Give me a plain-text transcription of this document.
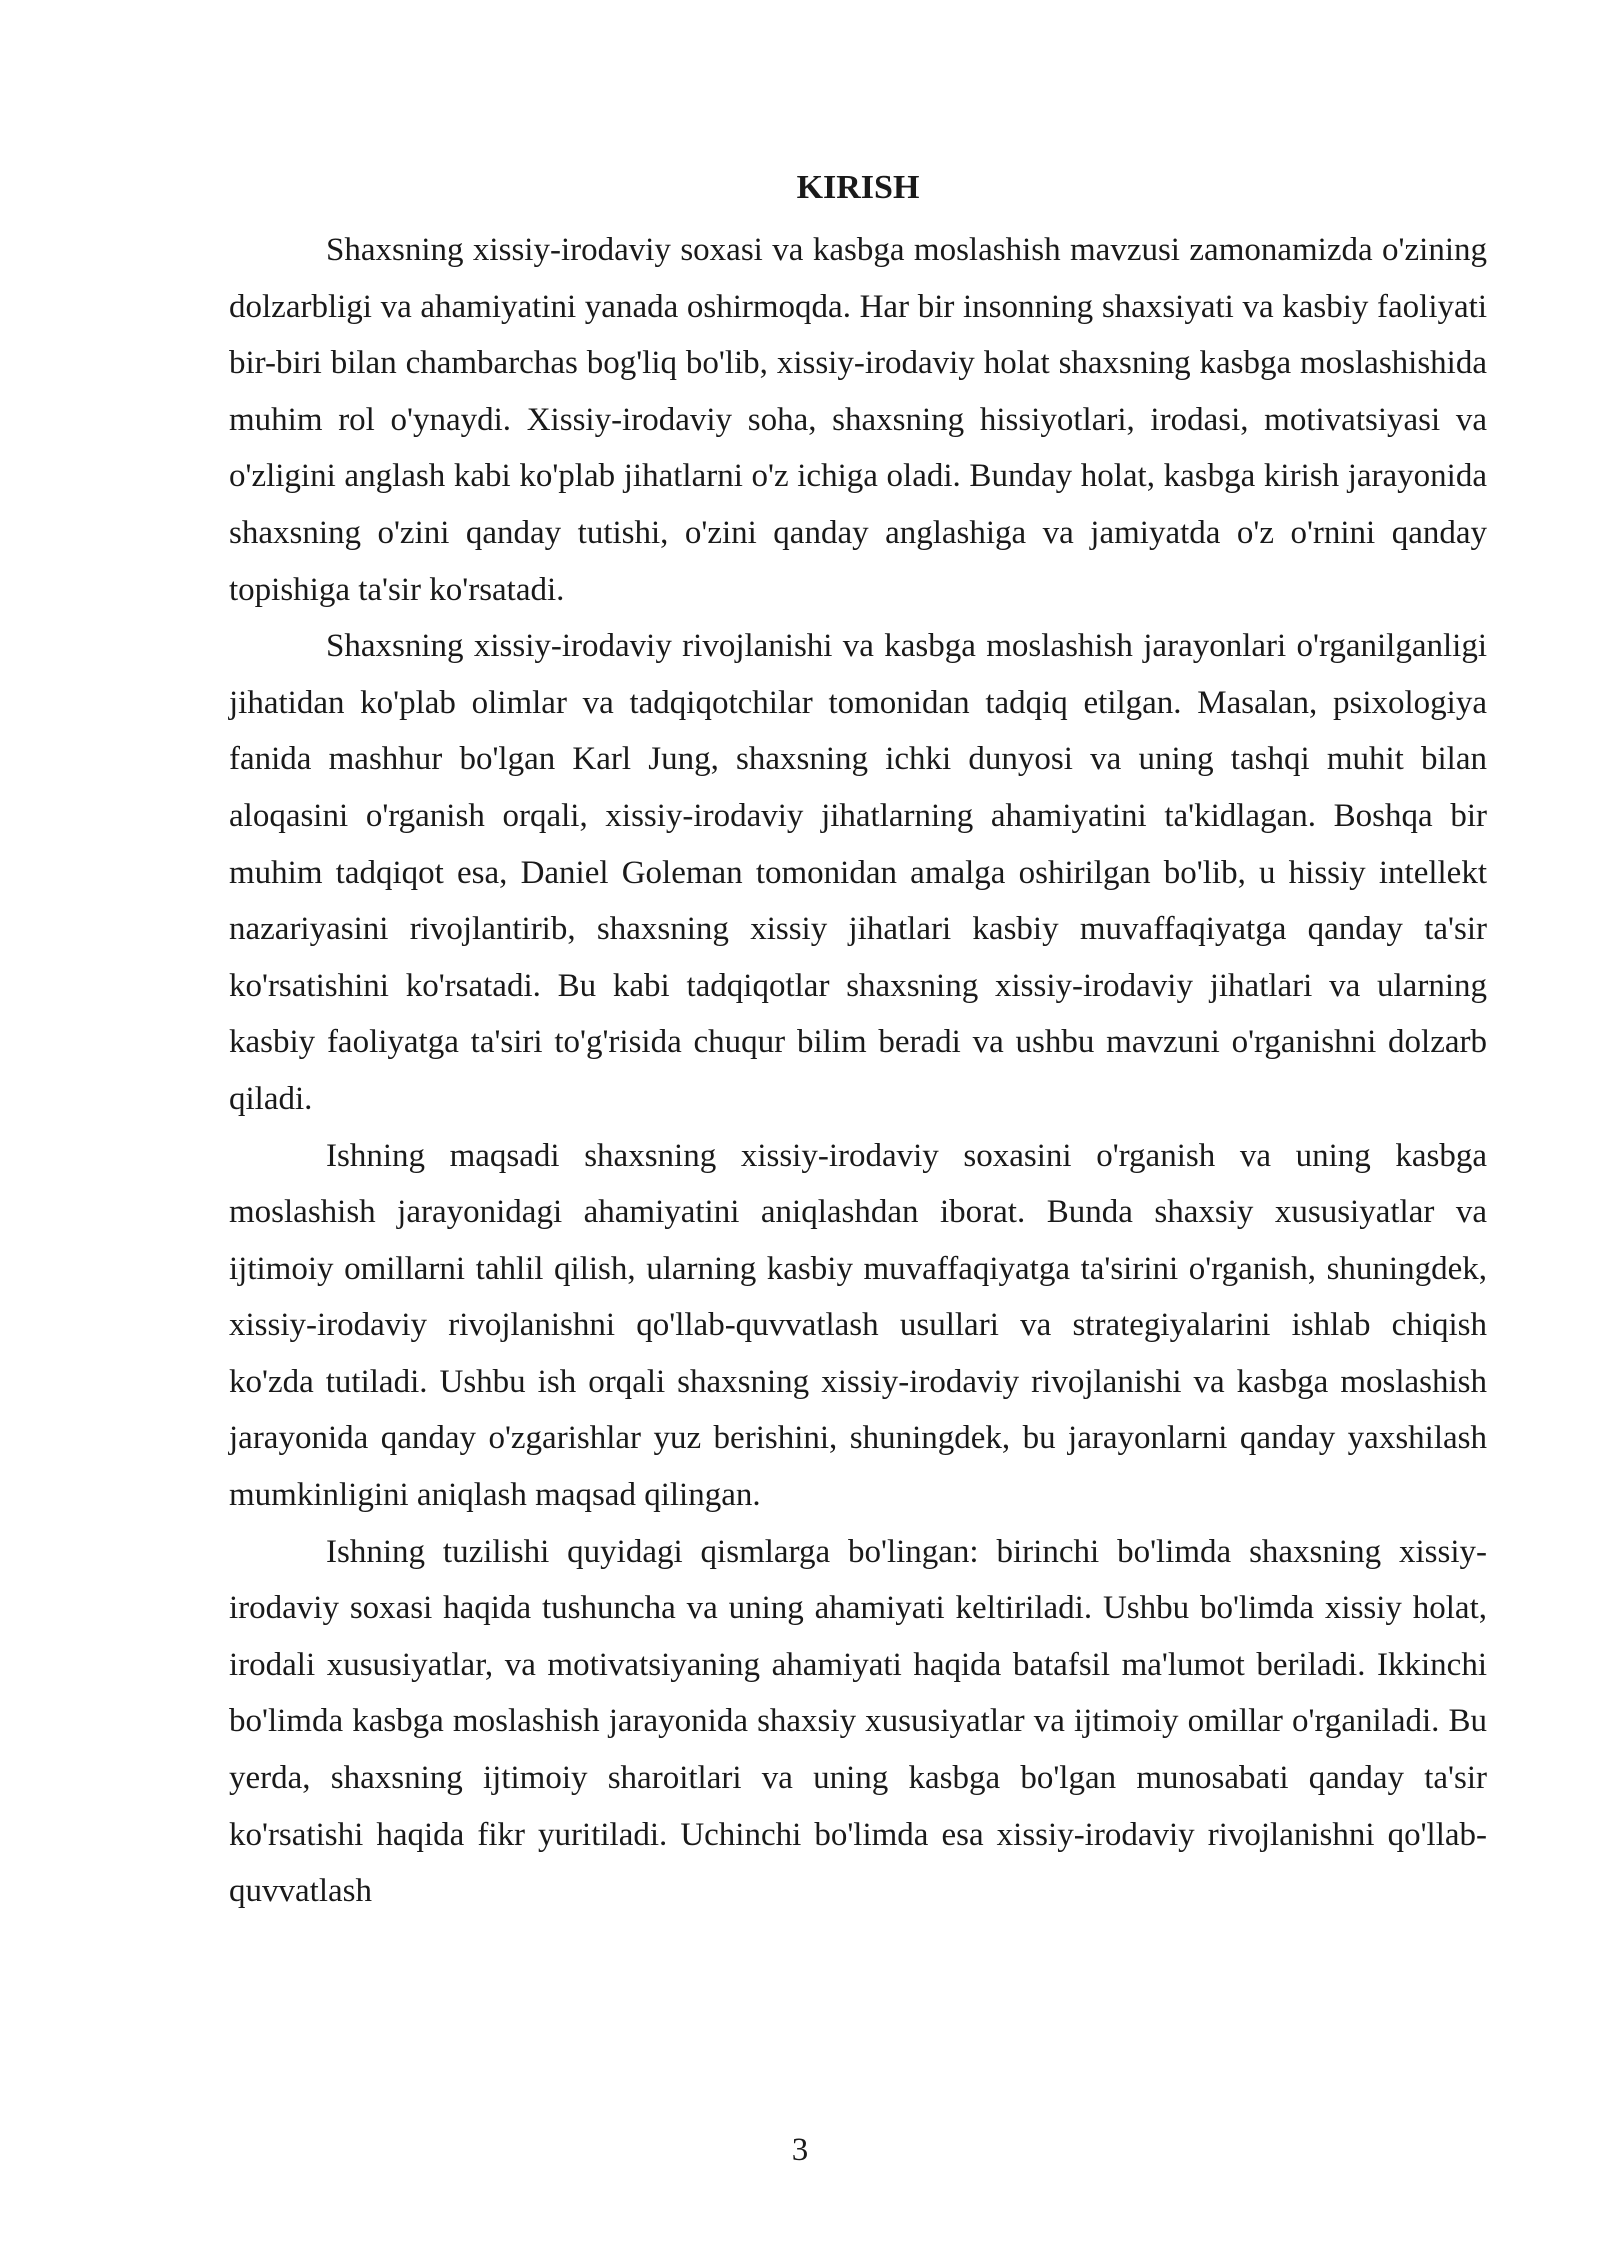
KIRISH

Shaxsning xissiy-irodaviy soxasi va kasbga moslashish mavzusi zamonamizda o'zining dolzarbligi va ahamiyatini yanada oshirmoqda. Har bir insonning shaxsiyati va kasbiy faoliyati bir-biri bilan chambarchas bog'liq bo'lib, xissiy-irodaviy holat shaxsning kasbga moslashishida muhim rol o'ynaydi. Xissiy-irodaviy soha, shaxsning hissiyotlari, irodasi, motivatsiyasi va o'zligini anglash kabi ko'plab jihatlarni o'z ichiga oladi. Bunday holat, kasbga kirish jarayonida shaxsning o'zini qanday tutishi, o'zini qanday anglashiga va jamiyatda o'z o'rnini qanday topishiga ta'sir ko'rsatadi.

Shaxsning xissiy-irodaviy rivojlanishi va kasbga moslashish jarayonlari o'rganilganligi jihatidan ko'plab olimlar va tadqiqotchilar tomonidan tadqiq etilgan. Masalan, psixologiya fanida mashhur bo'lgan Karl Jung, shaxsning ichki dunyosi va uning tashqi muhit bilan aloqasini o'rganish orqali, xissiy-irodaviy jihatlarning ahamiyatini ta'kidlagan. Boshqa bir muhim tadqiqot esa, Daniel Goleman tomonidan amalga oshirilgan bo'lib, u hissiy intellekt nazariyasini rivojlantirib, shaxsning xissiy jihatlari kasbiy muvaffaqiyatga qanday ta'sir ko'rsatishini ko'rsatadi. Bu kabi tadqiqotlar shaxsning xissiy-irodaviy jihatlari va ularning kasbiy faoliyatga ta'siri to'g'risida chuqur bilim beradi va ushbu mavzuni o'rganishni dolzarb qiladi.

Ishning maqsadi shaxsning xissiy-irodaviy soxasini o'rganish va uning kasbga moslashish jarayonidagi ahamiyatini aniqlashdan iborat. Bunda shaxsiy xususiyatlar va ijtimoiy omillarni tahlil qilish, ularning kasbiy muvaffaqiyatga ta'sirini o'rganish, shuningdek, xissiy-irodaviy rivojlanishni qo'llab-quvvatlash usullari va strategiyalarini ishlab chiqish ko'zda tutiladi. Ushbu ish orqali shaxsning xissiy-irodaviy rivojlanishi va kasbga moslashish jarayonida qanday o'zgarishlar yuz berishini, shuningdek, bu jarayonlarni qanday yaxshilash mumkinligini aniqlash maqsad qilingan.

Ishning tuzilishi quyidagi qismlarga bo'lingan: birinchi bo'limda shaxsning xissiy-irodaviy soxasi haqida tushuncha va uning ahamiyati keltiriladi. Ushbu bo'limda xissiy holat, irodali xususiyatlar, va motivatsiyaning ahamiyati haqida batafsil ma'lumot beriladi. Ikkinchi bo'limda kasbga moslashish jarayonida shaxsiy xususiyatlar va ijtimoiy omillar o'rganiladi. Bu yerda, shaxsning ijtimoiy sharoitlari va uning kasbga bo'lgan munosabati qanday ta'sir ko'rsatishi haqida fikr yuritiladi. Uchinchi bo'limda esa xissiy-irodaviy rivojlanishni qo'llab-quvvatlash

3
